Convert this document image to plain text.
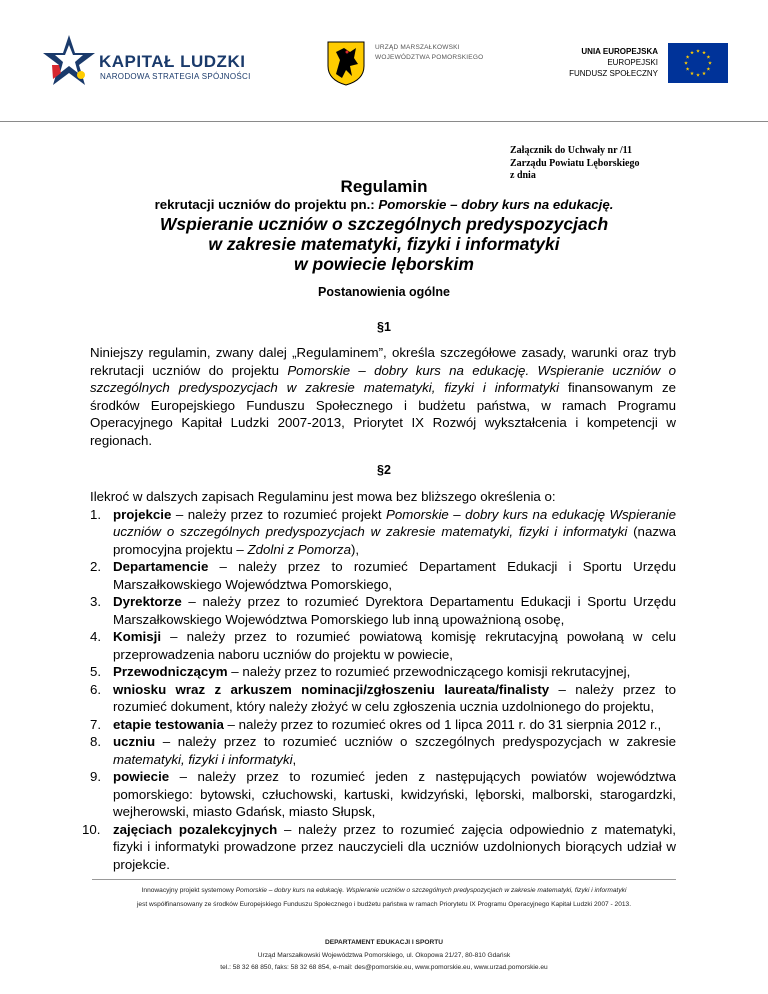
KAPITAŁ LUDZKI
NARODOWA STRATEGIA SPÓJNOŚCI
URZĄD MARSZAŁKOWSKI
WOJEWÓDZTWA POMORSKIEGO
UNIA EUROPEJSKA
EUROPEJSKI
FUNDUSZ SPOŁECZNY
Załącznik do Uchwały nr /11
Zarządu Powiatu Lęborskiego
z dnia
Regulamin
rekrutacji uczniów do projektu pn.: Pomorskie – dobry kurs na edukację.
Wspieranie uczniów o szczególnych predyspozycjach
w zakresie matematyki, fizyki i informatyki
w powiecie lęborskim
Postanowienia ogólne
§1

Niniejszy regulamin, zwany dalej „Regulaminem”, określa szczegółowe zasady, warunki oraz tryb rekrutacji uczniów do projektu Pomorskie – dobry kurs na edukację. Wspieranie uczniów o szczególnych predyspozycjach w zakresie matematyki, fizyki i informatyki finansowanym ze środków Europejskiego Funduszu Społecznego i budżetu państwa, w ramach Programu Operacyjnego Kapitał Ludzki 2007-2013, Priorytet IX Rozwój wykształcenia i kompetencji w regionach.

§2

Ilekroć w dalszych zapisach Regulaminu jest mowa bez bliższego określenia o:

1. projekcie – należy przez to rozumieć projekt Pomorskie – dobry kurs na edukację Wspieranie uczniów o szczególnych predyspozycjach w zakresie matematyki, fizyki i informatyki (nazwa promocyjna projektu – Zdolni z Pomorza),
2. Departamencie – należy przez to rozumieć Departament Edukacji i Sportu Urzędu Marszałkowskiego Województwa Pomorskiego,
3. Dyrektorze – należy przez to rozumieć Dyrektora Departamentu Edukacji i Sportu Urzędu Marszałkowskiego Województwa Pomorskiego lub inną upoważnioną osobę,
4. Komisji – należy przez to rozumieć powiatową komisję rekrutacyjną powołaną w celu przeprowadzenia naboru uczniów do projektu w powiecie,
5. Przewodniczącym – należy przez to rozumieć przewodniczącego komisji rekrutacyjnej,
6. wniosku wraz z arkuszem nominacji/zgłoszeniu laureata/finalisty – należy przez to rozumieć dokument, który należy złożyć w celu zgłoszenia ucznia uzdolnionego do projektu,
7. etapie testowania – należy przez to rozumieć okres od 1 lipca 2011 r. do 31 sierpnia 2012 r.,
8. uczniu – należy przez to rozumieć uczniów o szczególnych predyspozycjach w zakresie matematyki, fizyki i informatyki,
9. powiecie – należy przez to rozumieć jeden z następujących powiatów województwa pomorskiego: bytowski, człuchowski, kartuski, kwidzyński, lęborski, malborski, starogardzki, wejherowski, miasto Gdańsk, miasto Słupsk,
10. zajęciach pozalekcyjnych – należy przez to rozumieć zajęcia odpowiednio z matematyki, fizyki i informatyki prowadzone przez nauczycieli dla uczniów uzdolnionych biorących udział w projekcie.
Innowacyjny projekt systemowy Pomorskie – dobry kurs na edukację. Wspieranie uczniów o szczególnych predyspozycjach w zakresie matematyki, fizyki i informatyki
jest współfinansowany ze środków Europejskiego Funduszu Społecznego i budżetu państwa w ramach Priorytetu IX Programu Operacyjnego Kapitał Ludzki 2007 - 2013.
DEPARTAMENT EDUKACJI I SPORTU
Urząd Marszałkowski Województwa Pomorskiego, ul. Okopowa 21/27, 80-810 Gdańsk
tel.: 58 32 68 850, faks: 58 32 68 854, e-mail: des@pomorskie.eu, www.pomorskie.eu, www.urzad.pomorskie.eu
